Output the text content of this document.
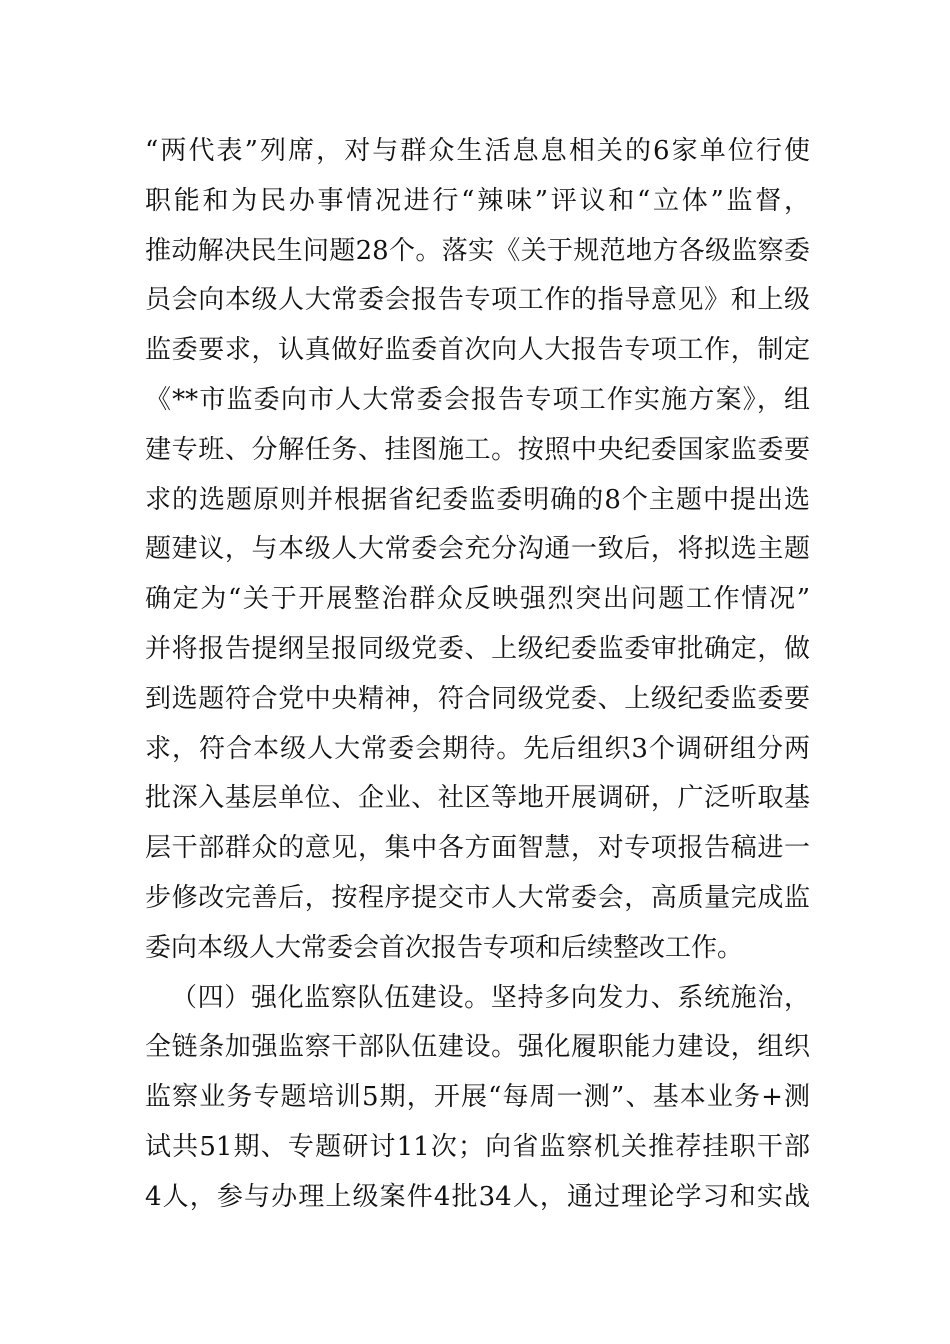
“两代表”列席，对与群众生活息息相关的6家单位行使
职能和为民办事情况进行“辣味”评议和“立体”监督，
推动解决民生问题28个。落实《关于规范地方各级监察委
员会向本级人大常委会报告专项工作的指导意见》和上级
监委要求，认真做好监委首次向人大报告专项工作，制定
《**市监委向市人大常委会报告专项工作实施方案》，组
建专班、分解任务、挂图施工。按照中央纪委国家监委要
求的选题原则并根据省纪委监委明确的8个主题中提出选
题建议，与本级人大常委会充分沟通一致后，将拟选主题
确定为“关于开展整治群众反映强烈突出问题工作情况”
并将报告提纲呈报同级党委、上级纪委监委审批确定，做
到选题符合党中央精神，符合同级党委、上级纪委监委要
求，符合本级人大常委会期待。先后组织3个调研组分两
批深入基层单位、企业、社区等地开展调研，广泛听取基
层干部群众的意见，集中各方面智慧，对专项报告稿进一
步修改完善后，按程序提交市人大常委会，高质量完成监
委向本级人大常委会首次报告专项和后续整改工作。
（四）强化监察队伍建设。坚持多向发力、系统施治，
全链条加强监察干部队伍建设。强化履职能力建设，组织
监察业务专题培训5期，开展“每周一测”、基本业务+测
试共51期、专题研讨11次；向省监察机关推荐挂职干部
4人，参与办理上级案件4批34人，通过理论学习和实战
